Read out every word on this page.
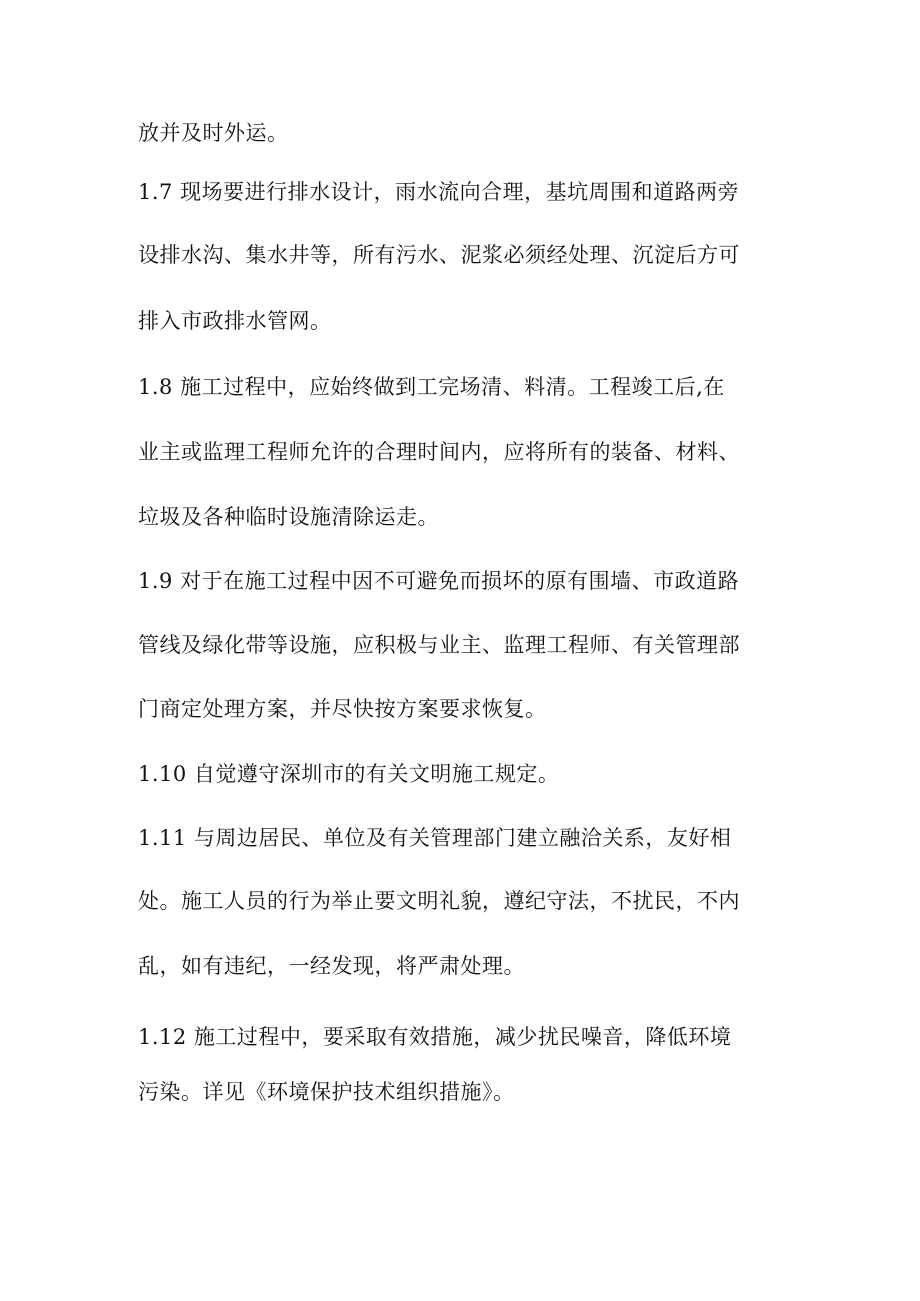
放并及时外运。
1.7 现场要进行排水设计，雨水流向合理，基坑周围和道路两旁
设排水沟、集水井等，所有污水、泥浆必须经处理、沉淀后方可
排入市政排水管网。
1.8 施工过程中，应始终做到工完场清、料清。工程竣工后,在
业主或监理工程师允许的合理时间内，应将所有的装备、材料、
垃圾及各种临时设施清除运走。
1.9 对于在施工过程中因不可避免而损坏的原有围墙、市政道路
管线及绿化带等设施，应积极与业主、监理工程师、有关管理部
门商定处理方案，并尽快按方案要求恢复。
1.10 自觉遵守深圳市的有关文明施工规定。
1.11 与周边居民、单位及有关管理部门建立融洽关系，友好相
处。施工人员的行为举止要文明礼貌，遵纪守法，不扰民，不内
乱，如有违纪，一经发现，将严肃处理。
1.12 施工过程中，要采取有效措施，减少扰民噪音，降低环境
污染。详见《环境保护技术组织措施》。
